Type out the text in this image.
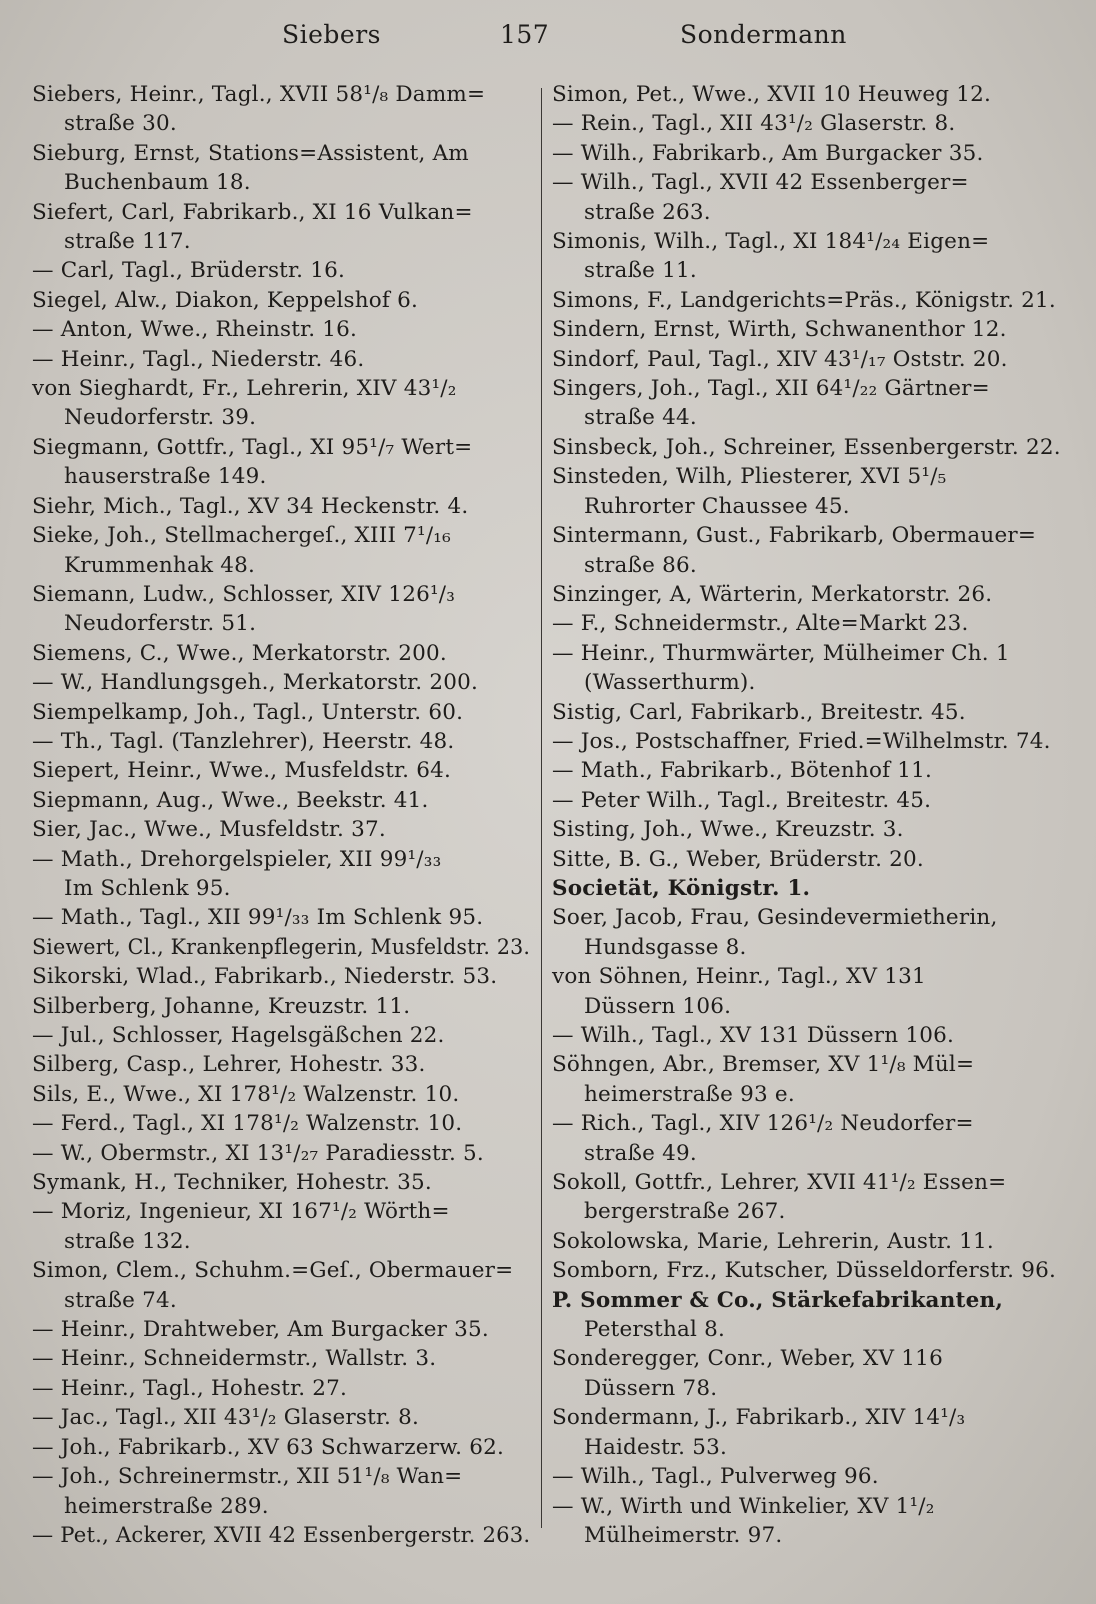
Siebers	157	Sondermann
Siebers, Heinr., Tagl., XVII 58¹/₈ Damm=
straße 30.
Sieburg, Ernst, Stations=Assistent, Am
Buchenbaum 18.
Siefert, Carl, Fabrikarb., XI 16 Vulkan=
straße 117.
— Carl, Tagl., Brüderstr. 16.
Siegel, Alw., Diakon, Keppelshof 6.
— Anton, Wwe., Rheinstr. 16.
— Heinr., Tagl., Niederstr. 46.
von Sieghardt, Fr., Lehrerin, XIV 43¹/₂
Neudorferstr. 39.
Siegmann, Gottfr., Tagl., XI 95¹/₇ Wert=
hauserstraße 149.
Siehr, Mich., Tagl., XV 34 Heckenstr. 4.
Sieke, Joh., Stellmachergeſ., XIII 7¹/₁₆
Krummenhak 48.
Siemann, Ludw., Schlosser, XIV 126¹/₃
Neudorferstr. 51.
Siemens, C., Wwe., Merkatorstr. 200.
— W., Handlungsgeh., Merkatorstr. 200.
Siempelkamp, Joh., Tagl., Unterstr. 60.
— Th., Tagl. (Tanzlehrer), Heerstr. 48.
Siepert, Heinr., Wwe., Musfeldstr. 64.
Siepmann, Aug., Wwe., Beekstr. 41.
Sier, Jac., Wwe., Musfeldstr. 37.
— Math., Drehorgelspieler, XII 99¹/₃₃
Im Schlenk 95.
— Math., Tagl., XII 99¹/₃₃ Im Schlenk 95.
Siewert, Cl., Krankenpflegerin, Musfeldstr. 23.
Sikorski, Wlad., Fabrikarb., Niederstr. 53.
Silberberg, Johanne, Kreuzstr. 11.
— Jul., Schlosser, Hagelsgäßchen 22.
Silberg, Casp., Lehrer, Hohestr. 33.
Sils, E., Wwe., XI 178¹/₂ Walzenstr. 10.
— Ferd., Tagl., XI 178¹/₂ Walzenstr. 10.
— W., Obermstr., XI 13¹/₂₇ Paradiesstr. 5.
Symank, H., Techniker, Hohestr. 35.
— Moriz, Ingenieur, XI 167¹/₂ Wörth=
straße 132.
Simon, Clem., Schuhm.=Geſ., Obermauer=
straße 74.
— Heinr., Drahtweber, Am Burgacker 35.
— Heinr., Schneidermstr., Wallstr. 3.
— Heinr., Tagl., Hohestr. 27.
— Jac., Tagl., XII 43¹/₂ Glaserstr. 8.
— Joh., Fabrikarb., XV 63 Schwarzerw. 62.
— Joh., Schreinermstr., XII 51¹/₈ Wan=
heimerstraße 289.
— Pet., Ackerer, XVII 42 Essenbergerstr. 263.
Simon, Pet., Wwe., XVII 10 Heuweg 12.
— Rein., Tagl., XII 43¹/₂ Glaserstr. 8.
— Wilh., Fabrikarb., Am Burgacker 35.
— Wilh., Tagl., XVII 42 Essenberger=
straße 263.
Simonis, Wilh., Tagl., XI 184¹/₂₄ Eigen=
straße 11.
Simons, F., Landgerichts=Präs., Königstr. 21.
Sindern, Ernst, Wirth, Schwanenthor 12.
Sindorf, Paul, Tagl., XIV 43¹/₁₇ Oststr. 20.
Singers, Joh., Tagl., XII 64¹/₂₂ Gärtner=
straße 44.
Sinsbeck, Joh., Schreiner, Essenbergerstr. 22.
Sinsteden, Wilh, Pliesterer, XVI 5¹/₅
Ruhrorter Chaussee 45.
Sintermann, Gust., Fabrikarb, Obermauer=
straße 86.
Sinzinger, A, Wärterin, Merkatorstr. 26.
— F., Schneidermstr., Alte=Markt 23.
— Heinr., Thurmwärter, Mülheimer Ch. 1
(Wasserthurm).
Sistig, Carl, Fabrikarb., Breitestr. 45.
— Jos., Postschaffner, Fried.=Wilhelmstr. 74.
— Math., Fabrikarb., Bötenhof 11.
— Peter Wilh., Tagl., Breitestr. 45.
Sisting, Joh., Wwe., Kreuzstr. 3.
Sitte, B. G., Weber, Brüderstr. 20.
Societät, Königstr. 1.
Soer, Jacob, Frau, Gesindevermietherin,
Hundsgasse 8.
von Söhnen, Heinr., Tagl., XV 131
Düssern 106.
— Wilh., Tagl., XV 131 Düssern 106.
Söhngen, Abr., Bremser, XV 1¹/₈ Mül=
heimerstraße 93 e.
— Rich., Tagl., XIV 126¹/₂ Neudorfer=
straße 49.
Sokoll, Gottfr., Lehrer, XVII 41¹/₂ Essen=
bergerstraße 267.
Sokolowska, Marie, Lehrerin, Austr. 11.
Somborn, Frz., Kutscher, Düsseldorferstr. 96.
P. Sommer & Co., Stärkefabrikanten,
Petersthal 8.
Sonderegger, Conr., Weber, XV 116
Düssern 78.
Sondermann, J., Fabrikarb., XIV 14¹/₃
Haidestr. 53.
— Wilh., Tagl., Pulverweg 96.
— W., Wirth und Winkelier, XV 1¹/₂
Mülheimerstr. 97.
